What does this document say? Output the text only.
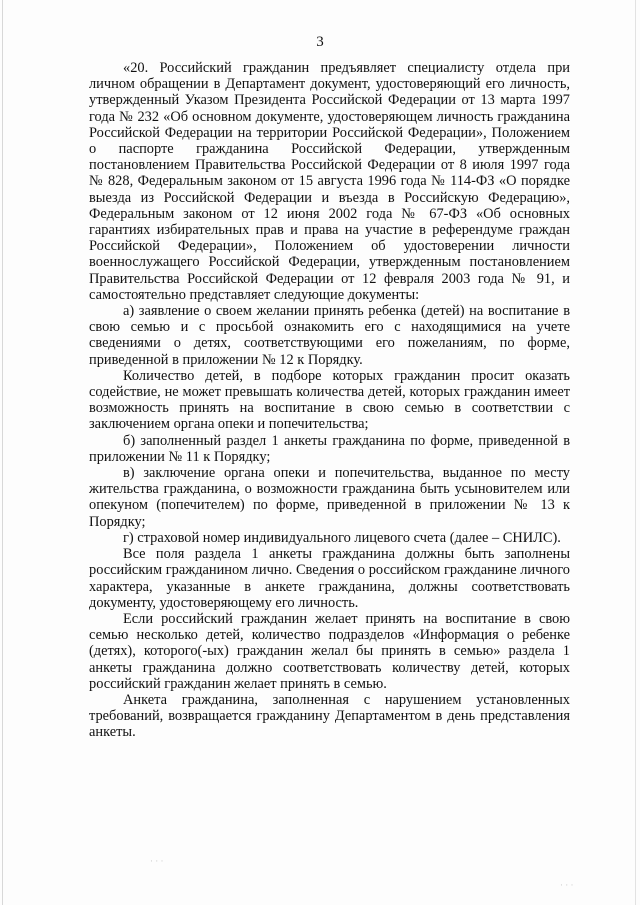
3

«20. Российский гражданин предъявляет специалисту отдела при личном обращении в Департамент документ, удостоверяющий его личность, утвержденный Указом Президента Российской Федерации от 13 марта 1997 года № 232 «Об основном документе, удостоверяющем личность гражданина Российской Федерации на территории Российской Федерации», Положением о паспорте гражданина Российской Федерации, утвержденным постановлением Правительства Российской Федерации от 8 июля 1997 года № 828, Федеральным законом от 15 августа 1996 года № 114-ФЗ «О порядке выезда из Российской Федерации и въезда в Российскую Федерацию», Федеральным законом от 12 июня 2002 года № 67-ФЗ «Об основных гарантиях избирательных прав и права на участие в референдуме граждан Российской Федерации», Положением об удостоверении личности военнослужащего Российской Федерации, утвержденным постановлением Правительства Российской Федерации от 12 февраля 2003 года № 91, и самостоятельно представляет следующие документы:

а) заявление о своем желании принять ребенка (детей) на воспитание в свою семью и с просьбой ознакомить его с находящимися на учете сведениями о детях, соответствующими его пожеланиям, по форме, приведенной в приложении № 12 к Порядку.

Количество детей, в подборе которых гражданин просит оказать содействие, не может превышать количества детей, которых гражданин имеет возможность принять на воспитание в свою семью в соответствии с заключением органа опеки и попечительства;

б) заполненный раздел 1 анкеты гражданина по форме, приведенной в приложении № 11 к Порядку;

в) заключение органа опеки и попечительства, выданное по месту жительства гражданина, о возможности гражданина быть усыновителем или опекуном (попечителем) по форме, приведенной в приложении № 13 к Порядку;

г) страховой номер индивидуального лицевого счета (далее – СНИЛС).

Все поля раздела 1 анкеты гражданина должны быть заполнены российским гражданином лично. Сведения о российском гражданине личного характера, указанные в анкете гражданина, должны соответствовать документу, удостоверяющему его личность.

Если российский гражданин желает принять на воспитание в свою семью несколько детей, количество подразделов «Информация о ребенке (детях), которого(-ых) гражданин желал бы принять в семью» раздела 1 анкеты гражданина должно соответствовать количеству детей, которых российский гражданин желает принять в семью.

Анкета гражданина, заполненная с нарушением установленных требований, возвращается гражданину Департаментом в день представления анкеты.

· · ·
· · ·
